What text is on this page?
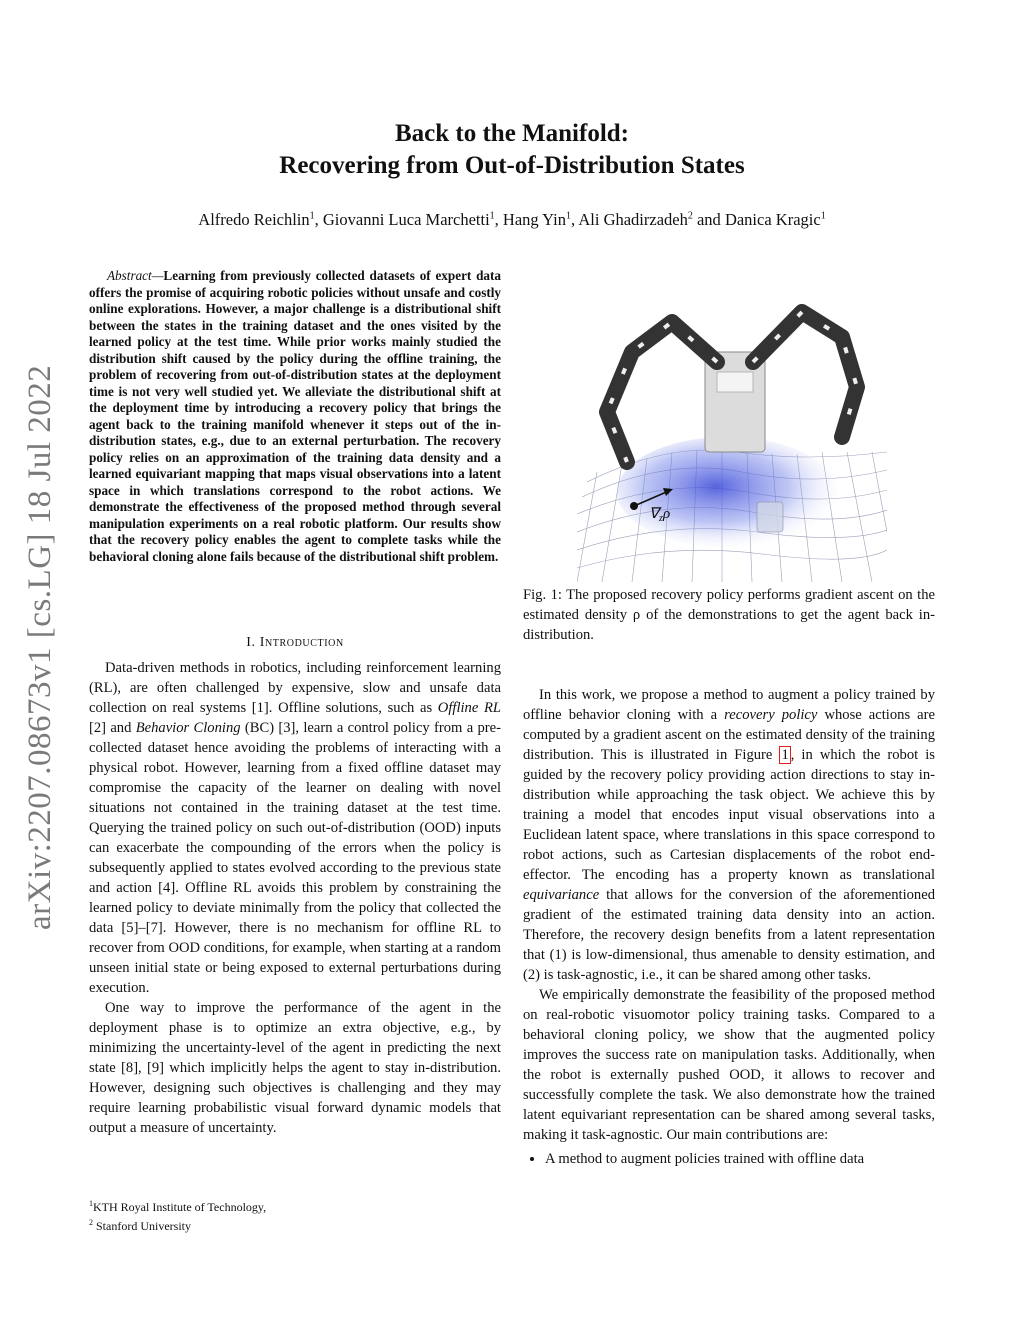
arXiv:2207.08673v1 [cs.LG] 18 Jul 2022
Back to the Manifold:
Recovering from Out-of-Distribution States
Alfredo Reichlin$^1$, Giovanni Luca Marchetti$^1$, Hang Yin$^1$, Ali Ghadirzadeh$^2$ and Danica Kragic$^1$
Abstract—Learning from previously collected datasets of expert data offers the promise of acquiring robotic policies without unsafe and costly online explorations. However, a major challenge is a distributional shift between the states in the training dataset and the ones visited by the learned policy at the test time. While prior works mainly studied the distribution shift caused by the policy during the offline training, the problem of recovering from out-of-distribution states at the deployment time is not very well studied yet. We alleviate the distributional shift at the deployment time by introducing a recovery policy that brings the agent back to the training manifold whenever it steps out of the in-distribution states, e.g., due to an external perturbation. The recovery policy relies on an approximation of the training data density and a learned equivariant mapping that maps visual observations into a latent space in which translations correspond to the robot actions. We demonstrate the effectiveness of the proposed method through several manipulation experiments on a real robotic platform. Our results show that the recovery policy enables the agent to complete tasks while the behavioral cloning alone fails because of the distributional shift problem.
I. Introduction

Data-driven methods in robotics, including reinforcement learning (RL), are often challenged by expensive, slow and unsafe data collection on real systems [1]. Offline solutions, such as Offline RL [2] and Behavior Cloning (BC) [3], learn a control policy from a pre-collected dataset hence avoiding the problems of interacting with a physical robot. However, learning from a fixed offline dataset may compromise the capacity of the learner on dealing with novel situations not contained in the training dataset at the test time. Querying the trained policy on such out-of-distribution (OOD) inputs can exacerbate the compounding of the errors when the policy is subsequently applied to states evolved according to the previous state and action [4]. Offline RL avoids this problem by constraining the learned policy to deviate minimally from the policy that collected the data [5]–[7]. However, there is no mechanism for offline RL to recover from OOD conditions, for example, when starting at a random unseen initial state or being exposed to external perturbations during execution.

One way to improve the performance of the agent in the deployment phase is to optimize an extra objective, e.g., by minimizing the uncertainty-level of the agent in predicting the next state [8], [9] which implicitly helps the agent to stay in-distribution. However, designing such objectives is challenging and they may require learning probabilistic visual forward dynamic models that output a measure of uncertainty.

$^1$KTH Royal Institute of Technology,
$^2$ Stanford University
$\nabla_z\rho$
Fig. 1: The proposed recovery policy performs gradient ascent on the estimated density ρ of the demonstrations to get the agent back in-distribution.

In this work, we propose a method to augment a policy trained by offline behavior cloning with a recovery policy whose actions are computed by a gradient ascent on the estimated density of the training distribution. This is illustrated in Figure 1 , in which the robot is guided by the recovery policy providing action directions to stay in-distribution while approaching the task object. We achieve this by training a model that encodes input visual observations into a Euclidean latent space, where translations in this space correspond to robot actions, such as Cartesian displacements of the robot end-effector. The encoding has a property known as translational equivariance that allows for the conversion of the aforementioned gradient of the estimated training data density into an action. Therefore, the recovery design benefits from a latent representation that (1) is low-dimensional, thus amenable to density estimation, and (2) is task-agnostic, i.e., it can be shared among other tasks.

We empirically demonstrate the feasibility of the proposed method on real-robotic visuomotor policy training tasks. Compared to a behavioral cloning policy, we show that the augmented policy improves the success rate on manipulation tasks. Additionally, when the robot is externally pushed OOD, it allows to recover and successfully complete the task. We also demonstrate how the trained latent equivariant representation can be shared among several tasks, making it task-agnostic. Our main contributions are:

• A method to augment policies trained with offline data
